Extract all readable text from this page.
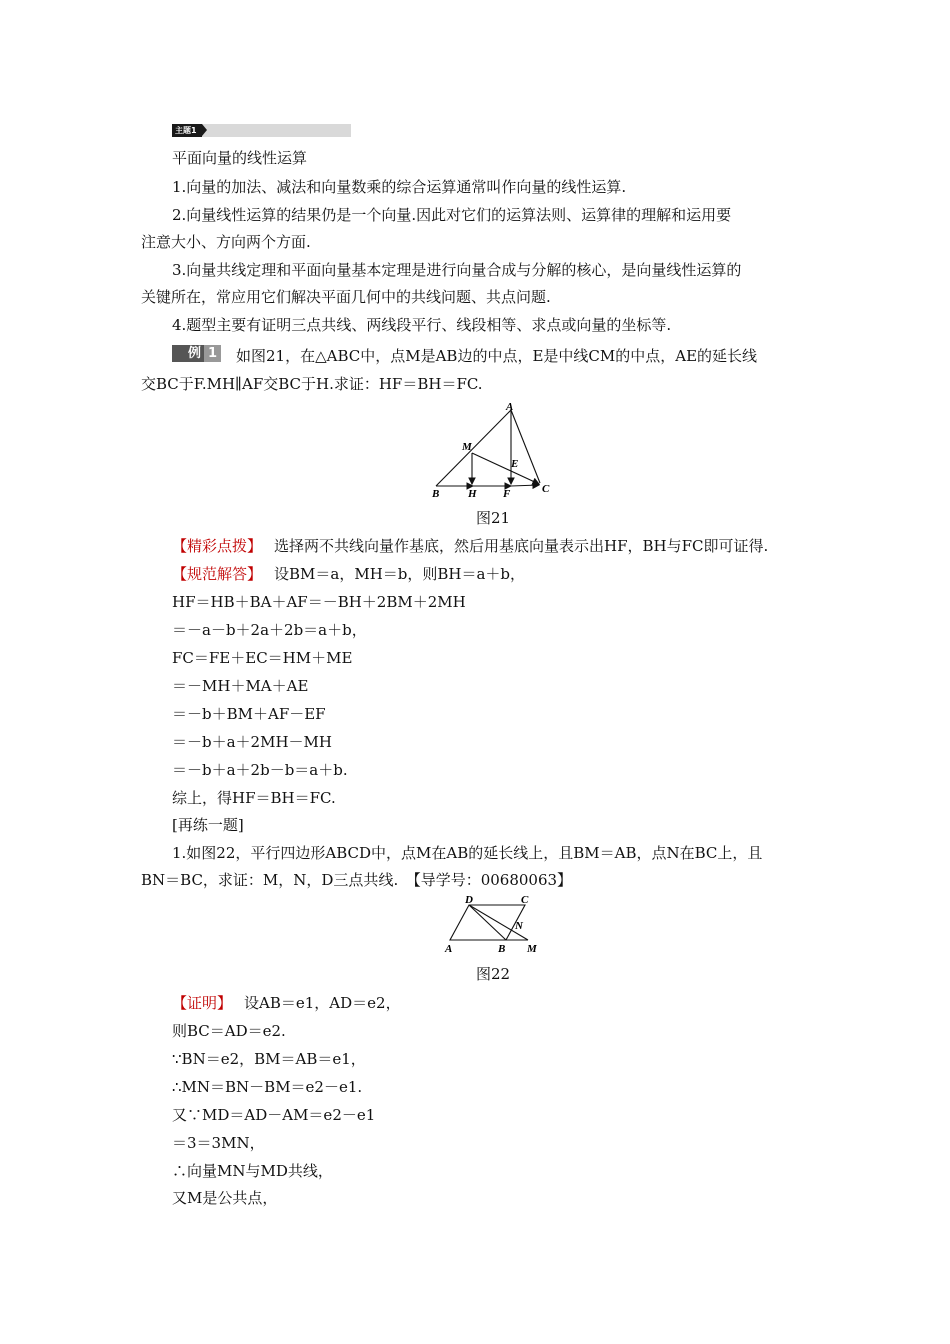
主题1
平面向量的线性运算
1.向量的加法、减法和向量数乘的综合运算通常叫作向量的线性运算.
2.向量线性运算的结果仍是一个向量.因此对它们的运算法则、运算律的理解和运用要
注意大小、方向两个方面.
3.向量共线定理和平面向量基本定理是进行向量合成与分解的核心，是向量线性运算的
关键所在，常应用它们解决平面几何中的共线问题、共点问题.
4.题型主要有证明三点共线、两线段平行、线段相等、求点或向量的坐标等.
例 1 如图21，在△ABC中，点M是AB边的中点，E是中线CM的中点，AE的延长线
交BC于F.MH∥AF交BC于H.求证：HF＝BH＝FC.
A
M
E
B	H F	C
图21
【精彩点拨】 选择两不共线向量作基底，然后用基底向量表示出HF，BH与FC即可证得.
【规范解答】 设BM＝a，MH＝b，则BH＝a＋b，
HF＝HB＋BA＋AF＝－BH＋2BM＋2MH
＝－a－b＋2a＋2b＝a＋b，
FC＝FE＋EC＝HM＋ME
＝－MH＋MA＋AE
＝－b＋BM＋AF－EF
＝－b＋a＋2MH－MH
＝－b＋a＋2b－b＝a＋b.
综上，得HF＝BH＝FC.
[再练一题]
1.如图22，平行四边形ABCD中，点M在AB的延长线上，且BM＝AB，点N在BC上，且
BN＝BC，求证：M，N，D三点共线.　【导学号：00680063】
D	C
N
A	B M
图22
【证明】 设AB＝e1，AD＝e2，
则BC＝AD＝e2.
∵BN＝e2，BM＝AB＝e1，
∴MN＝BN－BM＝e2－e1.
又∵MD＝AD－AM＝e2－e1
＝3＝3MN，
∴向量MN与MD共线，
又M是公共点，
